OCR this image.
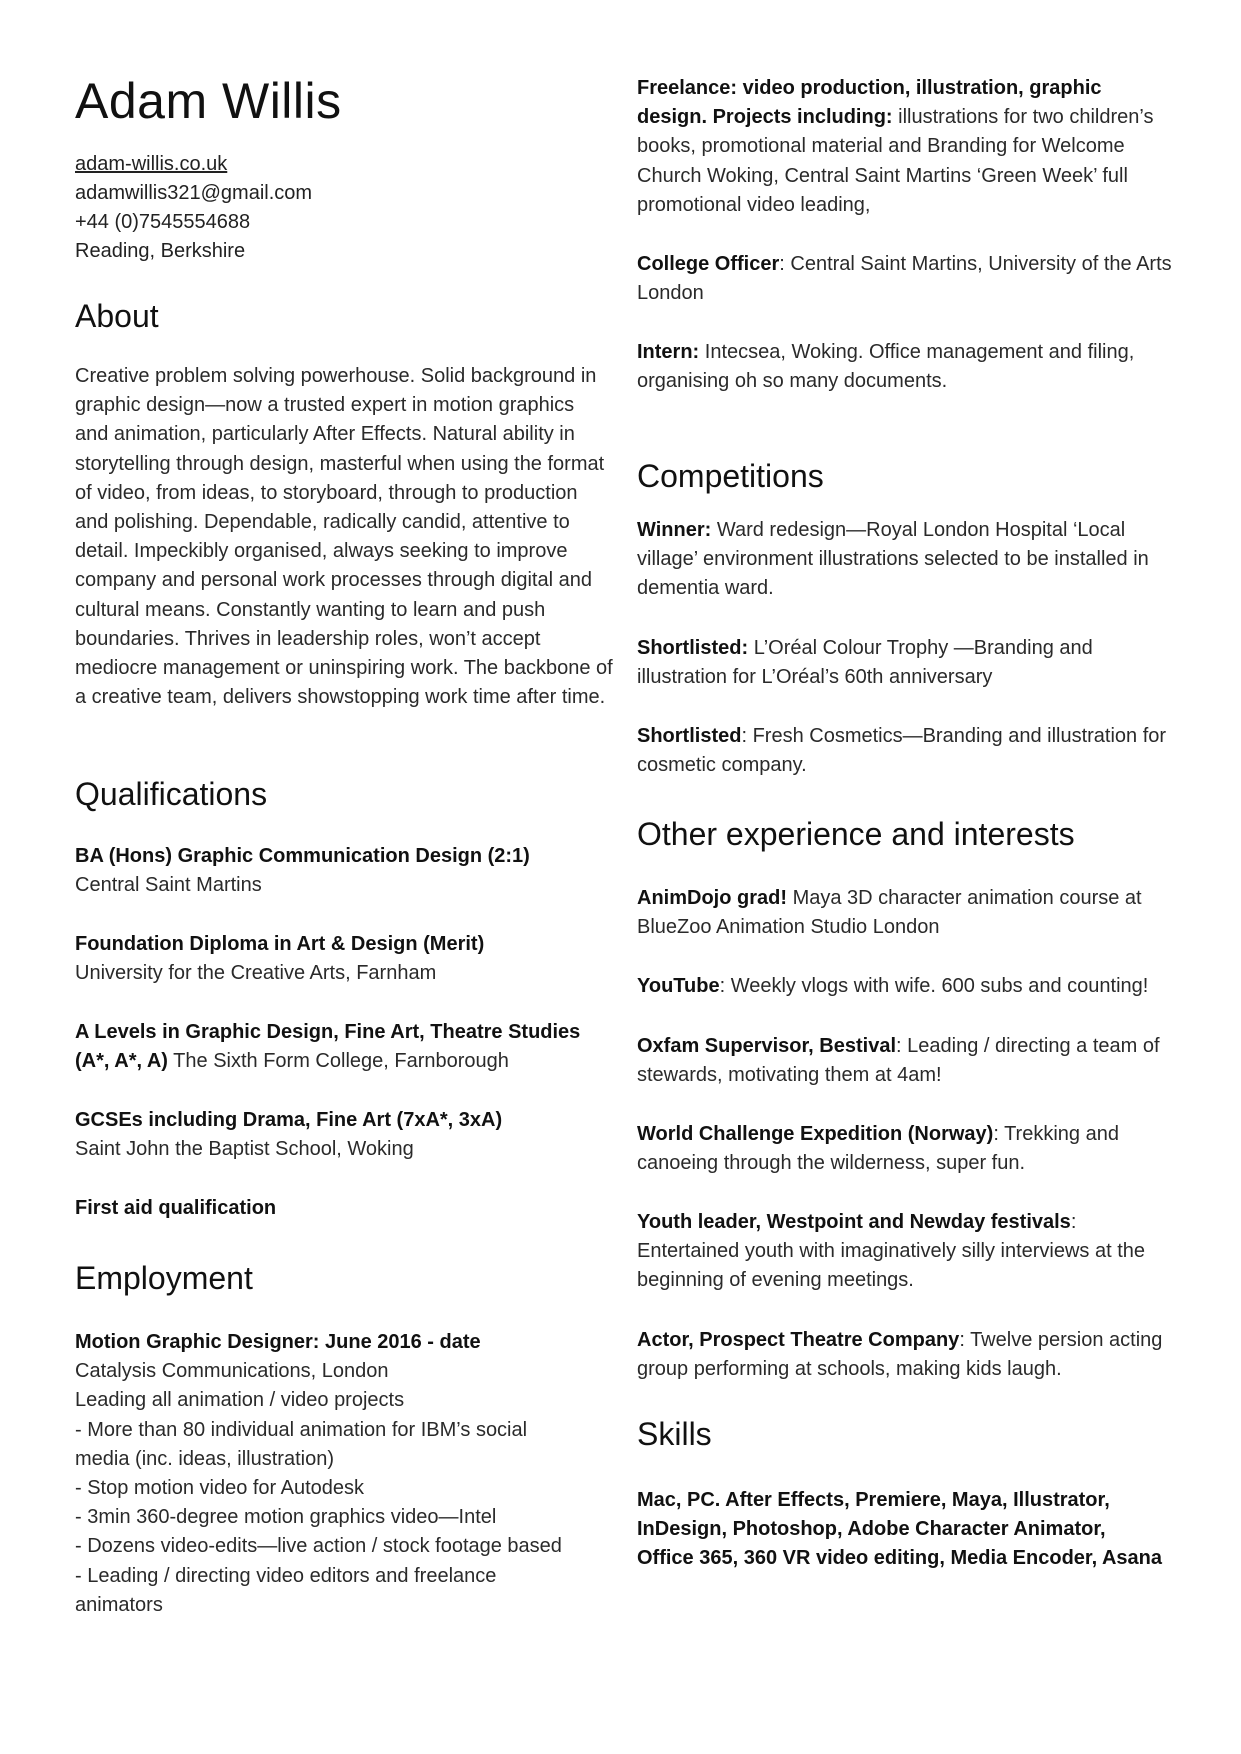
Adam Willis
adam-willis.co.uk
adamwillis321@gmail.com
+44 (0)7545554688
Reading, Berkshire
About

Creative problem solving powerhouse. Solid background in graphic design—now a trusted expert in motion graphics and animation, particularly After Effects. Natural ability in storytelling through design, masterful when using the format of video, from ideas, to storyboard, through to production and polishing. Dependable, radically candid, attentive to detail. Impeckibly organised, always seeking to improve company and personal work processes through digital and cultural means. Constantly wanting to learn and push boundaries. Thrives in leadership roles, won’t accept mediocre management or uninspiring work. The backbone of a creative team, delivers showstopping work time after time.

Qualifications
BA (Hons) Graphic Communication Design (2:1)
Central Saint Martins
Foundation Diploma in Art & Design (Merit)
University for the Creative Arts, Farnham
A Levels in Graphic Design, Fine Art, Theatre Studies (A*, A*, A) The Sixth Form College, Farnborough
GCSEs including Drama, Fine Art (7xA*, 3xA)
Saint John the Baptist School, Woking
First aid qualification
Employment
Motion Graphic Designer: June 2016 - date
Catalysis Communications, London
Leading all animation / video projects
- More than 80 individual animation for IBM’s social media (inc. ideas, illustration)
- Stop motion video for Autodesk
- 3min 360-degree motion graphics video—Intel
- Dozens video-edits—live action / stock footage based
- Leading / directing video editors and freelance animators
Freelance: video production, illustration, graphic design. Projects including: illustrations for two children’s books, promotional material and Branding for Welcome Church Woking, Central Saint Martins ‘Green Week’ full promotional video leading,
College Officer: Central Saint Martins, University of the Arts London
Intern: Intecsea, Woking. Office management and filing, organising oh so many documents.
Competitions
Winner: Ward redesign—Royal London Hospital ‘Local village’ environment illustrations selected to be installed in dementia ward.
Shortlisted: L’Oréal Colour Trophy —Branding and illustration for L’Oréal’s 60th anniversary
Shortlisted: Fresh Cosmetics—Branding and illustration for cosmetic company.
Other experience and interests
AnimDojo grad! Maya 3D character animation course at BlueZoo Animation Studio London
YouTube: Weekly vlogs with wife. 600 subs and counting!
Oxfam Supervisor, Bestival: Leading / directing a team of stewards, motivating them at 4am!
World Challenge Expedition (Norway): Trekking and canoeing through the wilderness, super fun.
Youth leader, Westpoint and Newday festivals: Entertained youth with imaginatively silly interviews at the beginning of evening meetings.
Actor, Prospect Theatre Company: Twelve persion acting group performing at schools, making kids laugh.
Skills
Mac, PC. After Effects, Premiere, Maya, Illustrator, InDesign, Photoshop, Adobe Character Animator, Office 365, 360 VR video editing, Media Encoder, Asana
